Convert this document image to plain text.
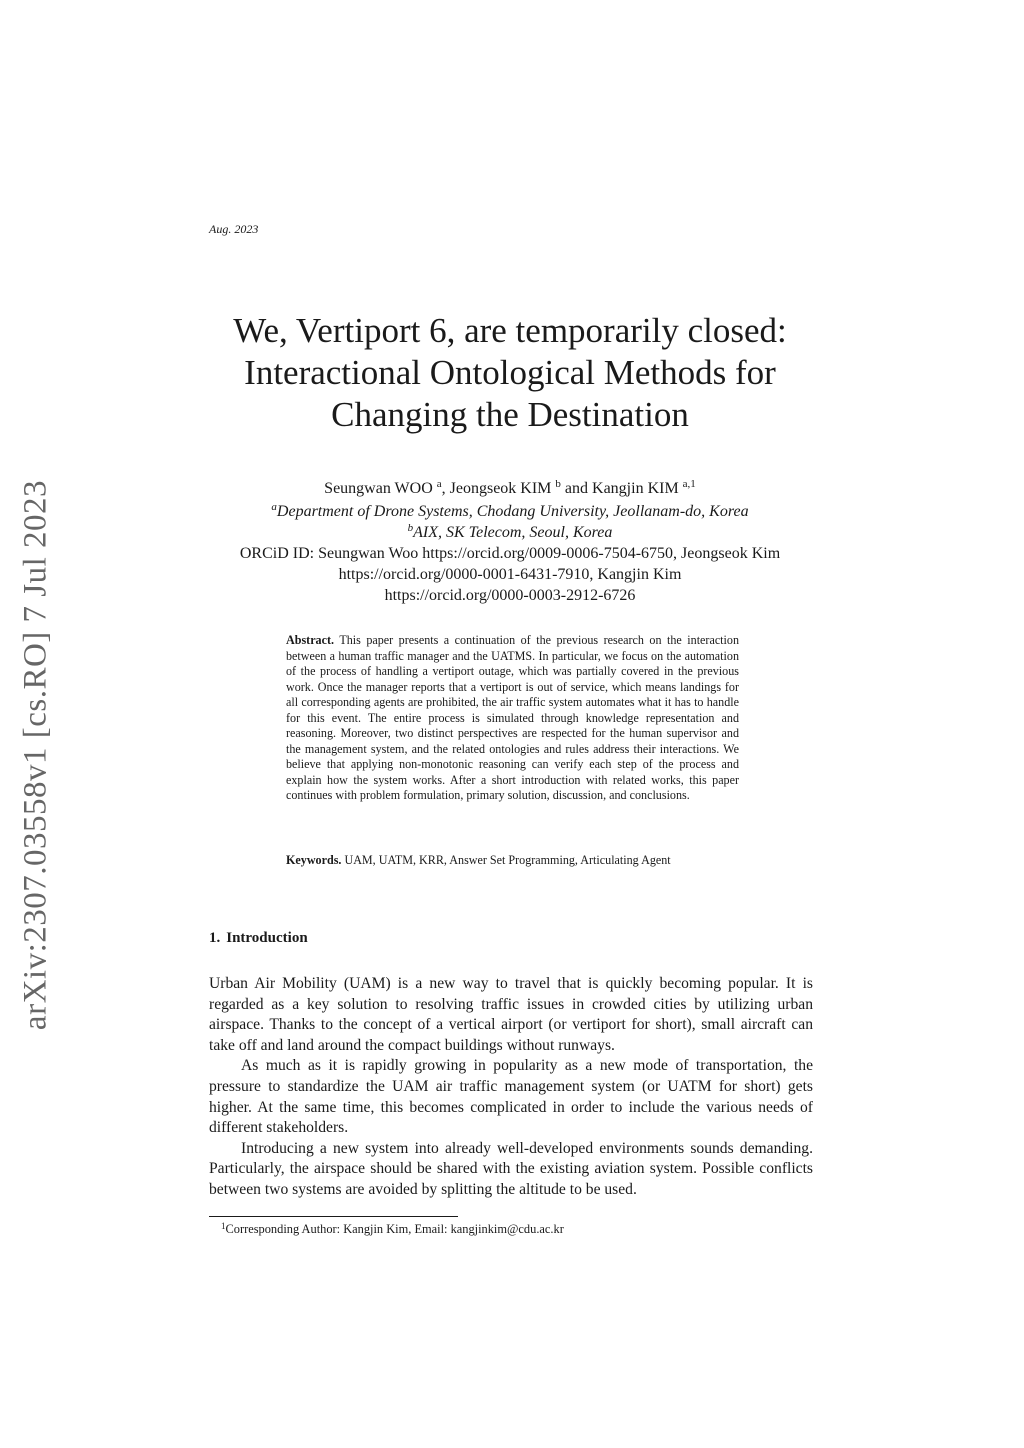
arXiv:2307.03558v1 [cs.RO] 7 Jul 2023
Aug. 2023
We, Vertiport 6, are temporarily closed:
Interactional Ontological Methods for
Changing the Destination
Seungwan WOO $^a$, Jeongseok KIM $^b$ and Kangjin KIM $^{a,1}$
$^a$Department of Drone Systems, Chodang University, Jeollanam-do, Korea
$^b$AIX, SK Telecom, Seoul, Korea
ORCiD ID: Seungwan Woo https://orcid.org/0009-0006-7504-6750, Jeongseok Kim
https://orcid.org/0000-0001-6431-7910, Kangjin Kim
https://orcid.org/0000-0003-2912-6726
Abstract. This paper presents a continuation of the previous research on the interaction between a human traffic manager and the UATMS. In particular, we focus on the automation of the process of handling a vertiport outage, which was partially covered in the previous work. Once the manager reports that a vertiport is out of service, which means landings for all corresponding agents are prohibited, the air traffic system automates what it has to handle for this event. The entire process is simulated through knowledge representation and reasoning. Moreover, two distinct perspectives are respected for the human supervisor and the management system, and the related ontologies and rules address their interactions. We believe that applying non-monotonic reasoning can verify each step of the process and explain how the system works. After a short introduction with related works, this paper continues with problem formulation, primary solution, discussion, and conclusions.
Keywords. UAM, UATM, KRR, Answer Set Programming, Articulating Agent
1. Introduction

Urban Air Mobility (UAM) is a new way to travel that is quickly becoming popular. It is regarded as a key solution to resolving traffic issues in crowded cities by utilizing urban airspace. Thanks to the concept of a vertical airport (or vertiport for short), small aircraft can take off and land around the compact buildings without runways.

As much as it is rapidly growing in popularity as a new mode of transportation, the pressure to standardize the UAM air traffic management system (or UATM for short) gets higher. At the same time, this becomes complicated in order to include the various needs of different stakeholders.

Introducing a new system into already well-developed environments sounds demanding. Particularly, the airspace should be shared with the existing aviation system. Possible conflicts between two systems are avoided by splitting the altitude to be used.

$^1$Corresponding Author: Kangjin Kim, Email: kangjinkim@cdu.ac.kr
